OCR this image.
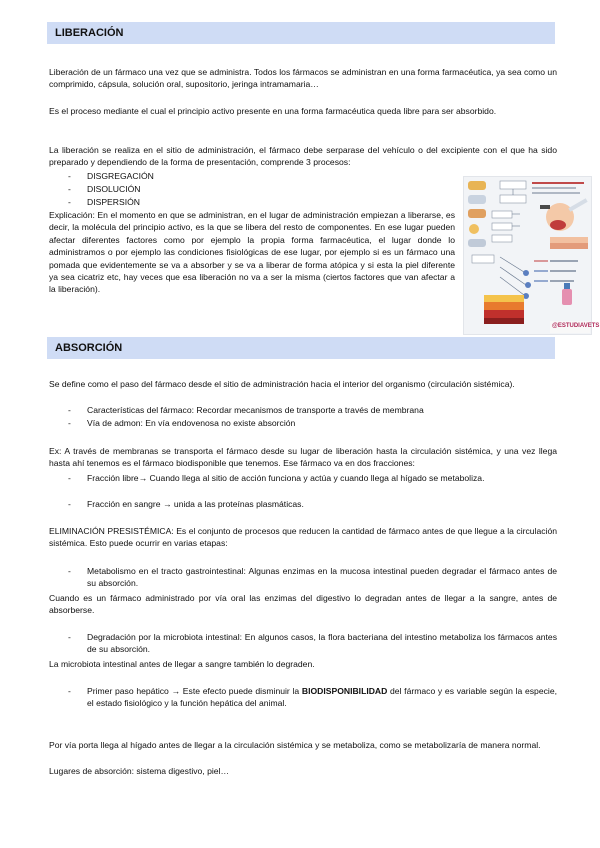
LIBERACIÓN
Liberación de un fármaco una vez que se administra. Todos los fármacos se administran en una forma farmacéutica, ya sea como un comprimido, cápsula, solución oral, supositorio, jeringa intramamaria…
Es el proceso mediante el cual el principio activo presente en una forma farmacéutica queda libre para ser absorbido.
La liberación se realiza en el sitio de administración, el fármaco debe serparase del vehículo o del excipiente con el que ha sido preparado y dependiendo de la forma de presentación, comprende 3 procesos:
- DISGREGACIÓN
- DISOLUCIÓN
- DISPERSIÓN
Explicación: En el momento en que se administran, en el lugar de administración empiezan a liberarse, es decir, la molécula del principio activo, es la que se libera del resto de componentes. En ese lugar pueden afectar diferentes factores como por ejemplo la propia forma farmacéutica, el lugar donde lo administramos o por ejemplo las condiciones fisiológicas de ese lugar, por ejemplo si es un fármaco una pomada que evidentemente se va a absorber y se va a liberar de forma atópica y si esta la piel diferente ya sea cicatriz etc, hay veces que esa liberación no va a ser la misma (ciertos factores que van afectar a la liberación).
@ESTUDIAVETS
ABSORCIÓN
Se define como el paso del fármaco desde el sitio de administración hacia el interior del organismo (circulación sistémica).
- Características del fármaco: Recordar mecanismos de transporte a través de membrana
- Vía de admon: En vía endovenosa no existe absorción
Ex: A través de membranas se transporta el fármaco desde su lugar de liberación hasta la circulación sistémica, y una vez llega hasta ahí tenemos es el fármaco biodisponible que tenemos. Ese fármaco va en dos fracciones:
- Fracción libre→ Cuando llega al sitio de acción funciona y actúa y cuando llega al hígado se metaboliza.
- Fracción en sangre → unida a las proteínas plasmáticas.
ELIMINACIÓN PRESISTÉMICA: Es el conjunto de procesos que reducen la cantidad de fármaco antes de que llegue a la circulación sistémica. Esto puede ocurrir en varias etapas:
- Metabolismo en el tracto gastrointestinal: Algunas enzimas en la mucosa intestinal pueden degradar el fármaco antes de su absorción.
Cuando es un fármaco administrado por vía oral las enzimas del digestivo lo degradan antes de llegar a la sangre, antes de absorberse.
- Degradación por la microbiota intestinal: En algunos casos, la flora bacteriana del intestino metaboliza los fármacos antes de su absorción.
La microbiota intestinal antes de llegar a sangre también lo degraden.
- Primer paso hepático → Este efecto puede disminuir la BIODISPONIBILIDAD del fármaco y es variable según la especie, el estado fisiológico y la función hepática del animal.
Por vía porta llega al hígado antes de llegar a la circulación sistémica y se metaboliza, como se metabolizaría de manera normal.
Lugares de absorción: sistema digestivo, piel…
